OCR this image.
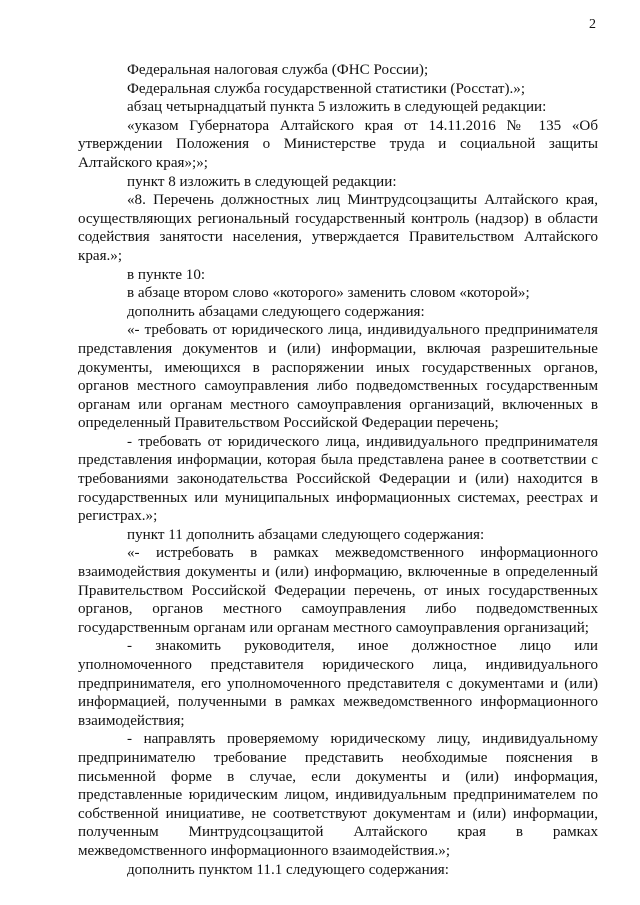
2

Федеральная налоговая служба (ФНС России);

Федеральная служба государственной статистики (Росстат).»;

абзац четырнадцатый пункта 5 изложить в следующей редакции:

«указом Губернатора Алтайского края от 14.11.2016 № 135 «Об утверждении Положения о Министерстве труда и социальной защиты Алтайского края»;»;

пункт 8 изложить в следующей редакции:

«8. Перечень должностных лиц Минтрудсоцзащиты Алтайского края, осуществляющих региональный государственный контроль (надзор) в области содействия занятости населения, утверждается Правительством Алтайского края.»;

в пункте 10:

в абзаце втором слово «которого» заменить словом «которой»;

дополнить абзацами следующего содержания:

«- требовать от юридического лица, индивидуального предпринимателя представления документов и (или) информации, включая разрешительные документы, имеющихся в распоряжении иных государственных органов, органов местного самоуправления либо подведомственных государственным органам или органам местного самоуправления организаций, включенных в определенный Правительством Российской Федерации перечень;

- требовать от юридического лица, индивидуального предпринимателя представления информации, которая была представлена ранее в соответствии с требованиями законодательства Российской Федерации и (или) находится в государственных или муниципальных информационных системах, реестрах и регистрах.»;

пункт 11 дополнить абзацами следующего содержания:

«- истребовать в рамках межведомственного информационного взаимодействия документы и (или) информацию, включенные в определенный Правительством Российской Федерации перечень, от иных государственных органов, органов местного самоуправления либо подведомственных государственным органам или органам местного самоуправления организаций;

- знакомить руководителя, иное должностное лицо или уполномоченного представителя юридического лица, индивидуального предпринимателя, его уполномоченного представителя с документами и (или) информацией, полученными в рамках межведомственного информационного взаимодействия;

- направлять проверяемому юридическому лицу, индивидуальному предпринимателю требование представить необходимые пояснения в письменной форме в случае, если документы и (или) информация, представленные юридическим лицом, индивидуальным предпринимателем по собственной инициативе, не соответствуют документам и (или) информации, полученным Минтрудсоцзащитой Алтайского края в рамках межведомственного информационного взаимодействия.»;

дополнить пунктом 11.1 следующего содержания:
